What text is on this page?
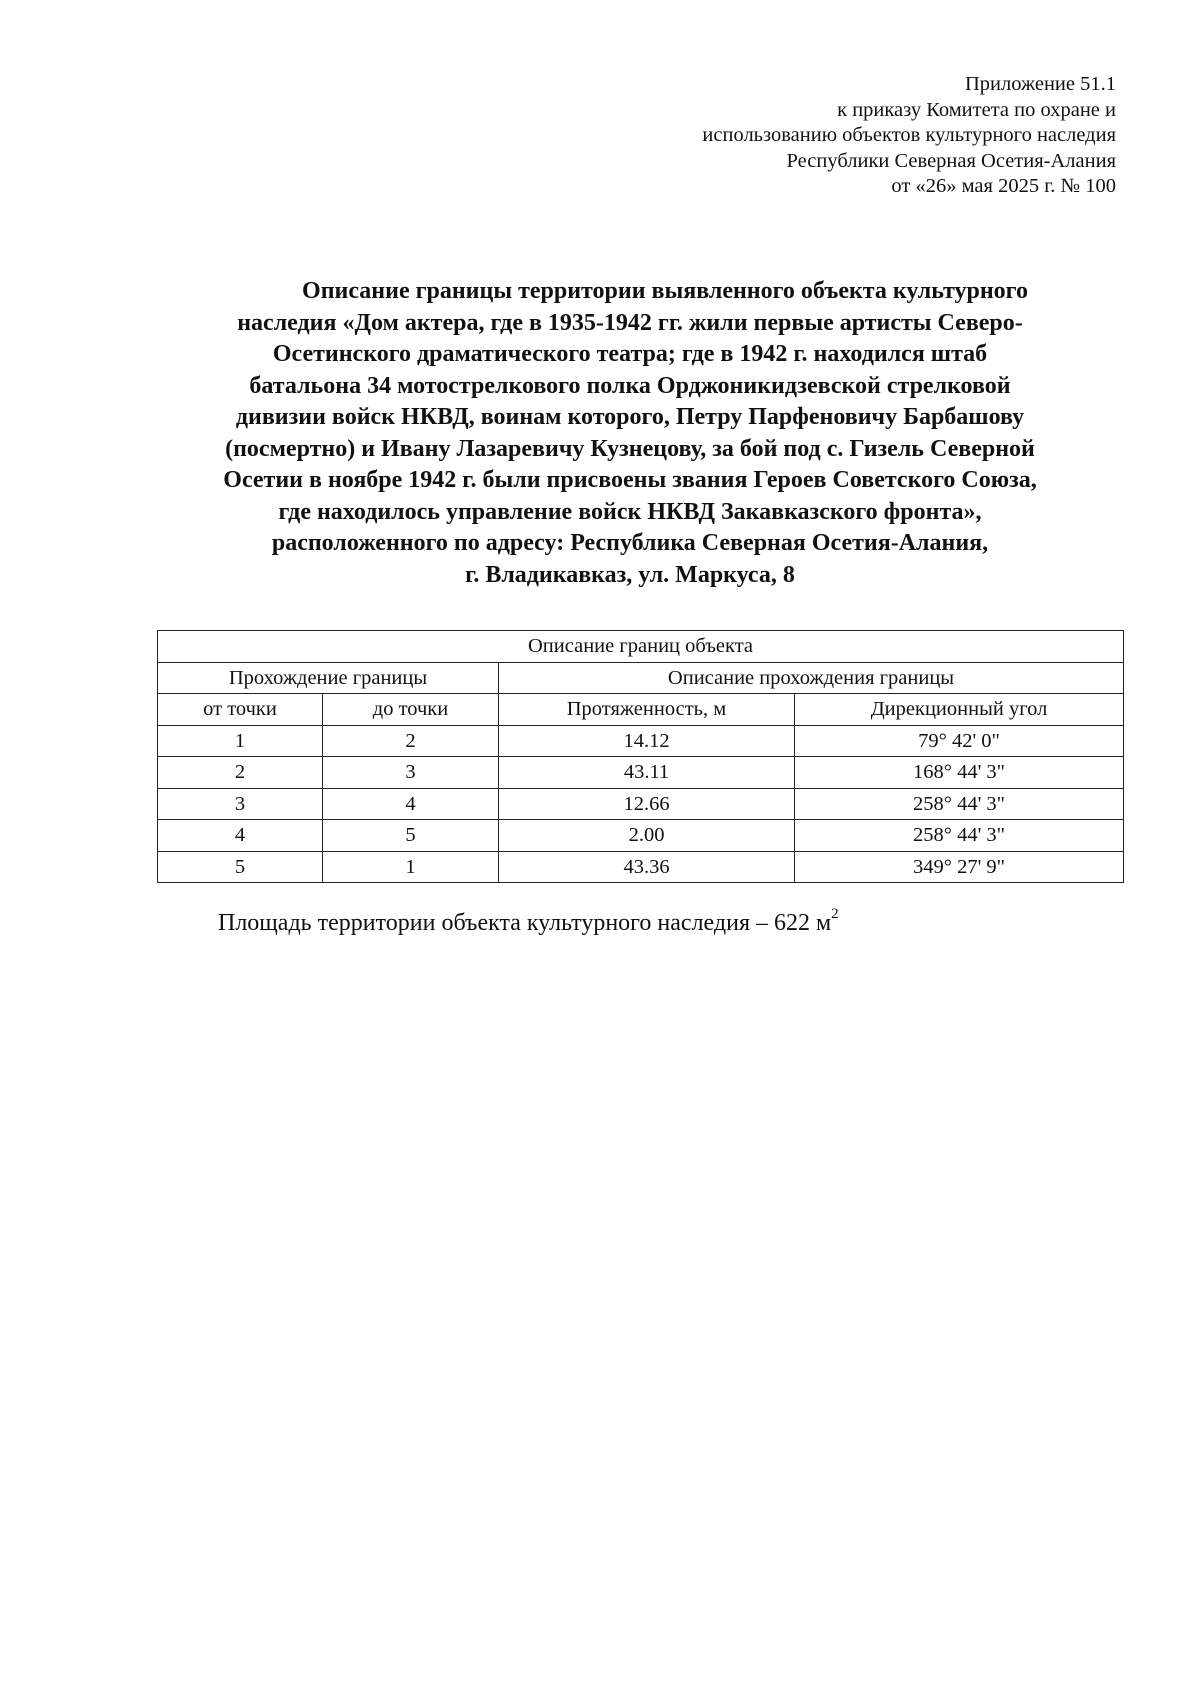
Приложение 51.1
к приказу Комитета по охране и
использованию объектов культурного наследия
Республики Северная Осетия-Алания
от «26» мая 2025 г. № 100
Описание границы территории выявленного объекта культурного
наследия «Дом актера, где в 1935-1942 гг. жили первые артисты Северо-
Осетинского драматического театра; где в 1942 г. находился штаб
батальона 34 мотострелкового полка Орджоникидзевской стрелковой
дивизии войск НКВД, воинам которого, Петру Парфеновичу Барбашову
(посмертно) и Ивану Лазаревичу Кузнецову, за бой под с. Гизель Северной
Осетии в ноябре 1942 г. были присвоены звания Героев Советского Союза,
где находилось управление войск НКВД Закавказского фронта»,
расположенного по адресу: Республика Северная Осетия-Алания,
г. Владикавказ, ул. Маркуса, 8
Описание границ объекта			
Прохождение границы		Описание прохождения границы	
от точки	до точки	Протяженность, м	Дирекционный угол
1	2	14.12	79° 42' 0"
2	3	43.11	168° 44' 3"
3	4	12.66	258° 44' 3"
4	5	2.00	258° 44' 3"
5	1	43.36	349° 27' 9"
Площадь территории объекта культурного наследия – 622 $м^2$
